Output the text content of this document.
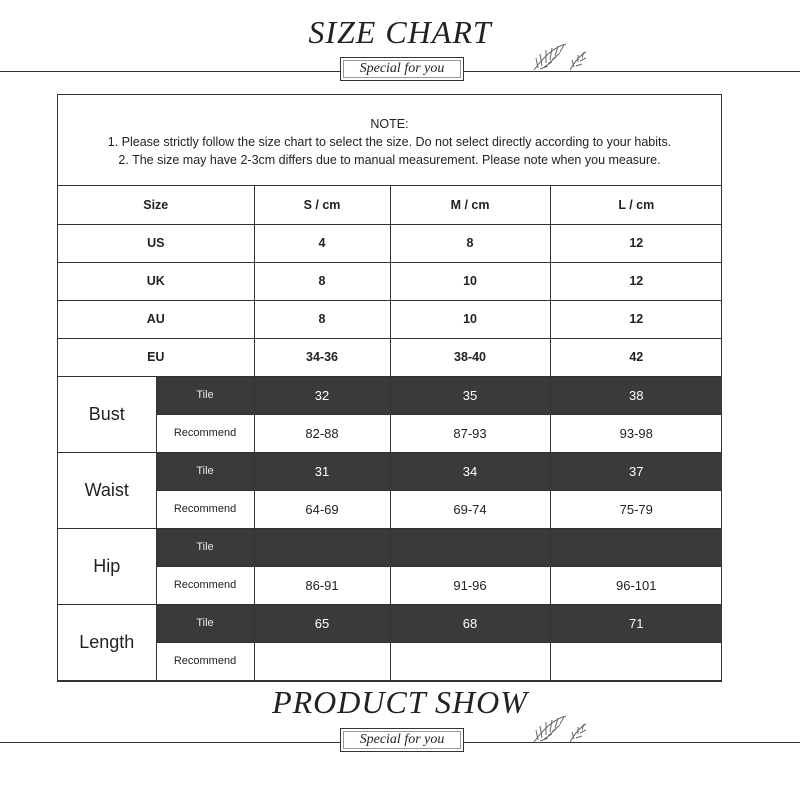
SIZE CHART
Special for you
NOTE:
1. Please strictly follow the size chart to select the size. Do not select directly according to your habits.
2. The size may have 2-3cm differs due to manual measurement. Please note when you measure.
Size		S / cm	M / cm	L / cm
US		4	8	12
UK		8	10	12
AU		8	10	12
EU		34-36	38-40	42
Bust	Tile	32	35	38
	Recommend	82-88	87-93	93-98
Waist	Tile	31	34	37
	Recommend	64-69	69-74	75-79
Hip	Tile			
	Recommend	86-91	91-96	96-101
Length	Tile	65	68	71
	Recommend			
PRODUCT SHOW
Special for you
